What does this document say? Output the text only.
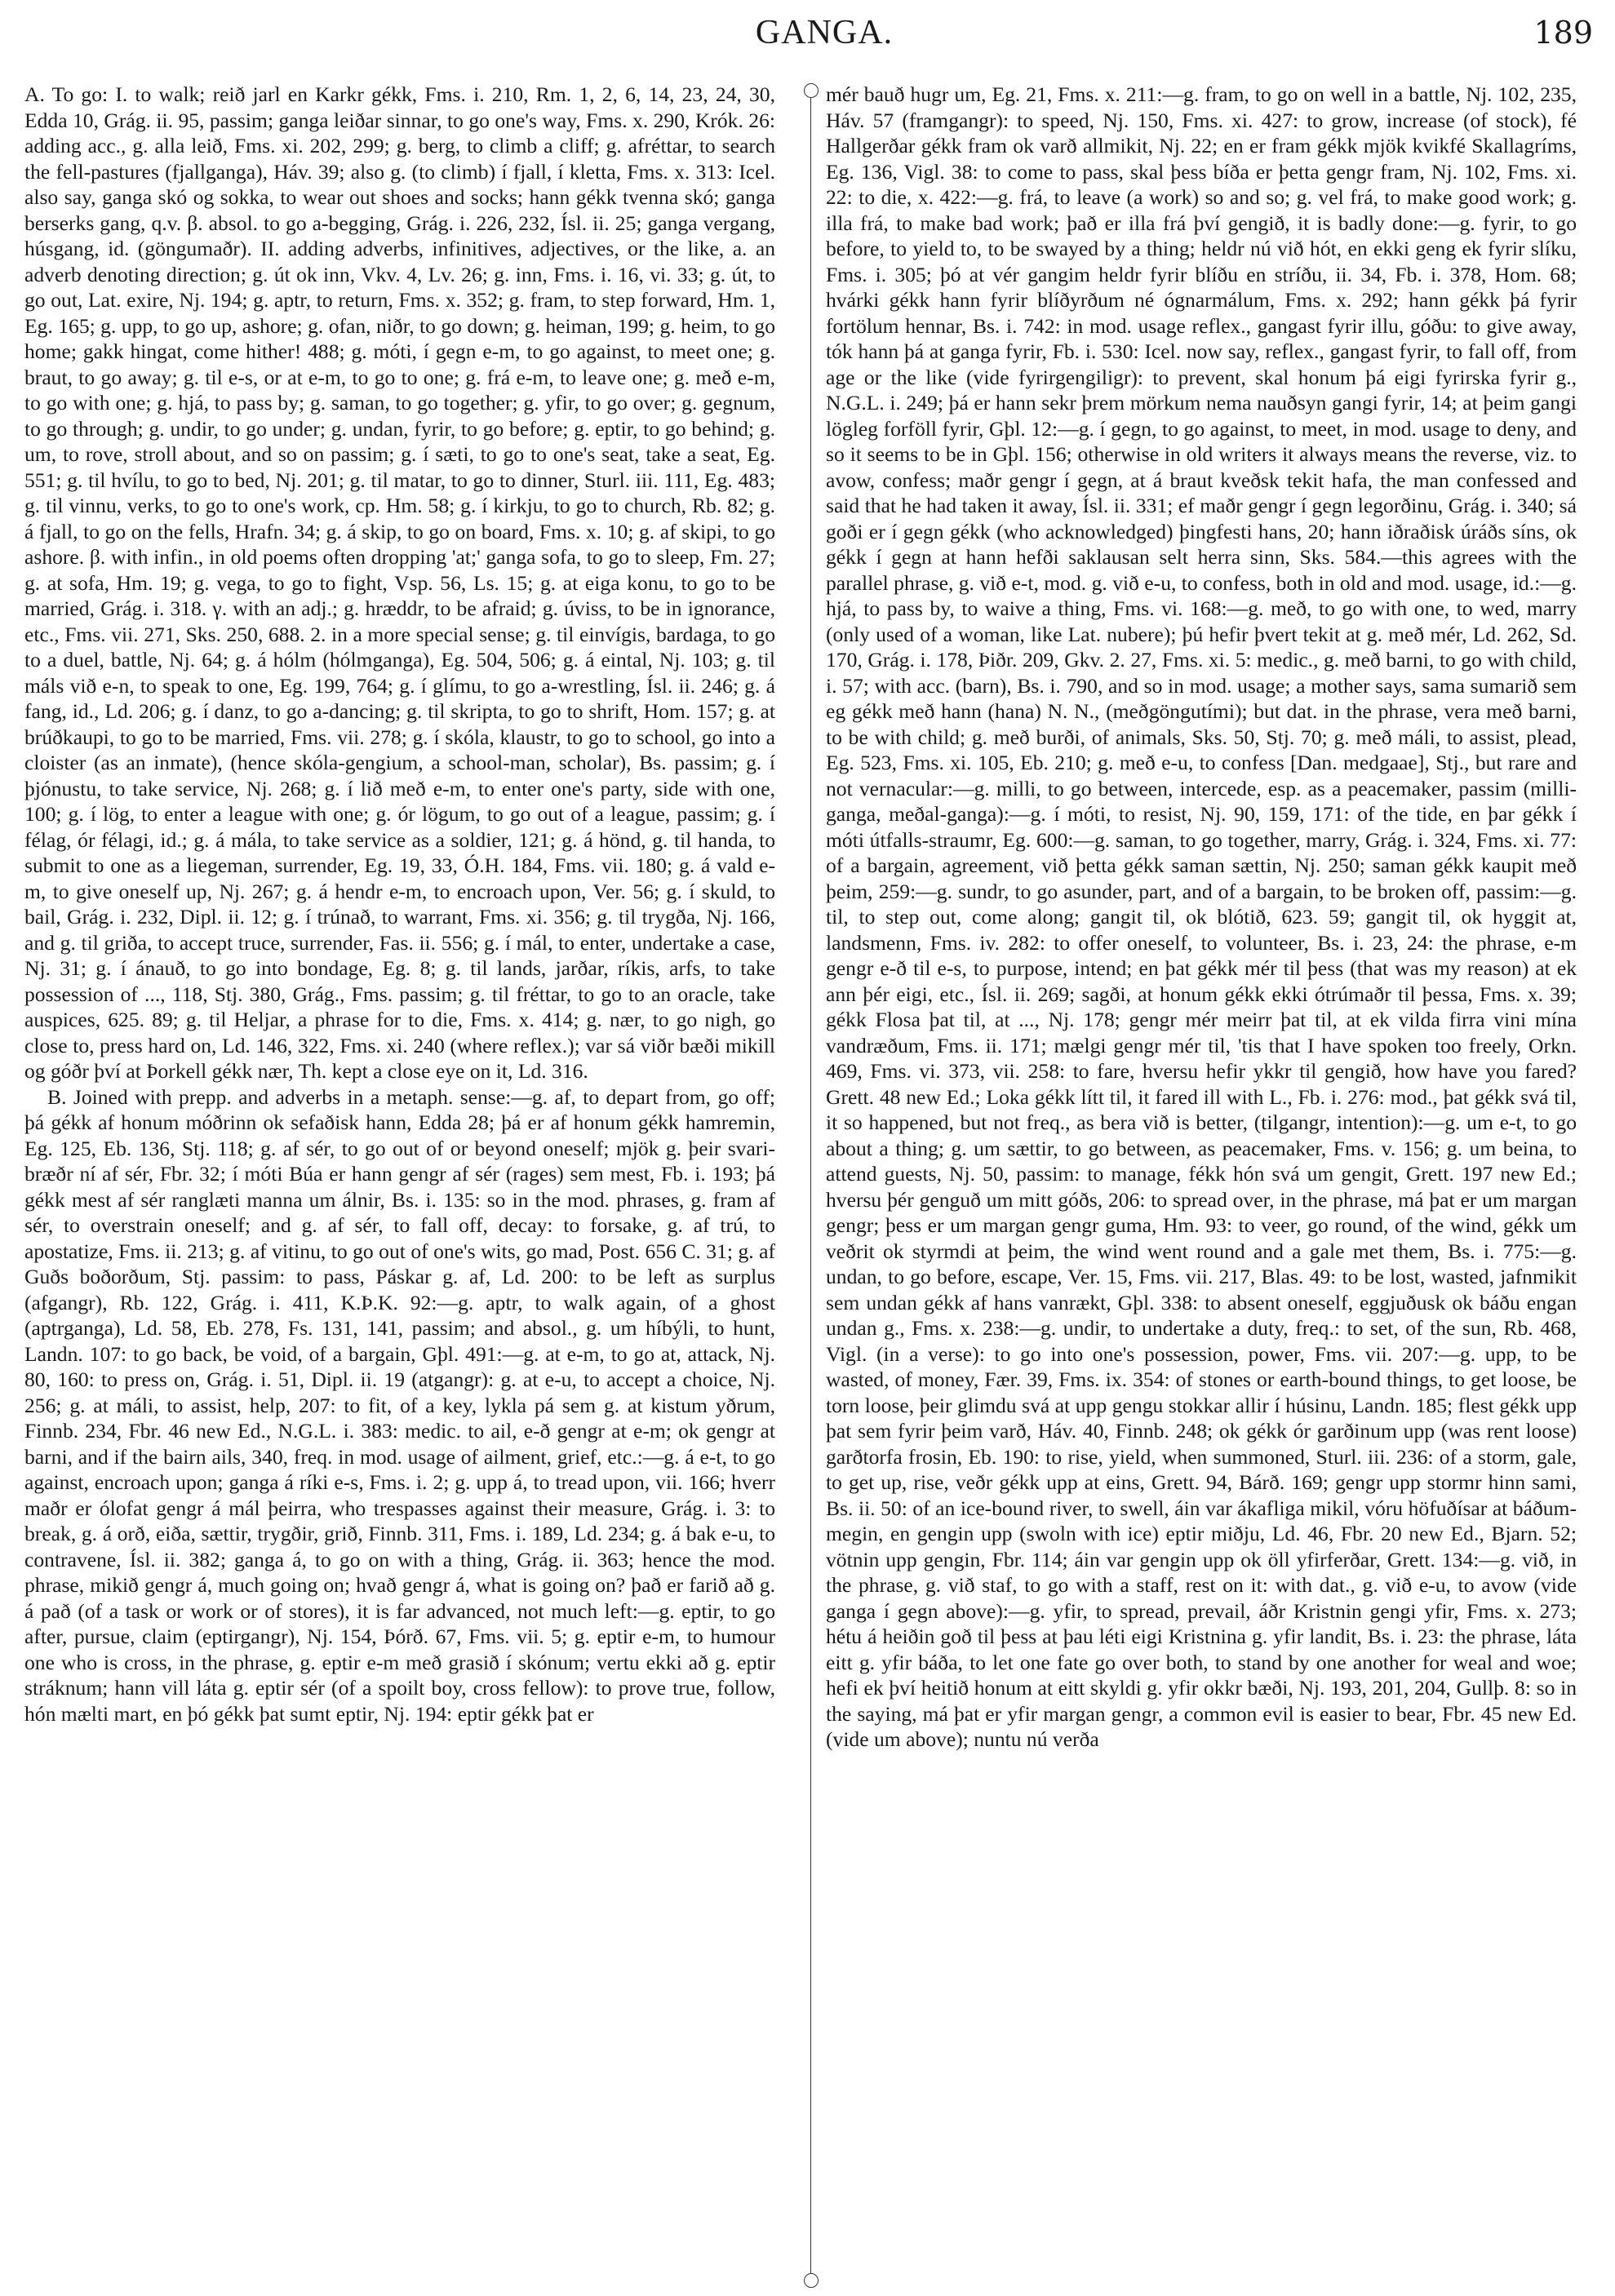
GANGA.	189

A. To go: I. to walk; reið jarl en Karkr gékk, Fms. i. 210, Rm. 1, 2, 6, 14, 23, 24, 30, Edda 10, Grág. ii. 95, passim; ganga leiðar sinnar, to go one's way, Fms. x. 290, Krók. 26: adding acc., g. alla leið, Fms. xi. 202, 299; g. berg, to climb a cliff; g. afréttar, to search the fell-pastures (fjallganga), Háv. 39; also g. (to climb) í fjall, í kletta, Fms. x. 313: Icel. also say, ganga skó og sokka, to wear out shoes and socks; hann gékk tvenna skó; ganga berserks gang, q.v. β. absol. to go a-begging, Grág. i. 226, 232, Ísl. ii. 25; ganga vergang, húsgang, id. (göngumaðr). II. adding adverbs, infinitives, adjectives, or the like, a. an adverb denoting direction; g. út ok inn, Vkv. 4, Lv. 26; g. inn, Fms. i. 16, vi. 33; g. út, to go out, Lat. exire, Nj. 194; g. aptr, to return, Fms. x. 352; g. fram, to step forward, Hm. 1, Eg. 165; g. upp, to go up, ashore; g. ofan, niðr, to go down; g. heiman, 199; g. heim, to go home; gakk hingat, come hither! 488; g. móti, í gegn e-m, to go against, to meet one; g. braut, to go away; g. til e-s, or at e-m, to go to one; g. frá e-m, to leave one; g. með e-m, to go with one; g. hjá, to pass by; g. saman, to go together; g. yfir, to go over; g. gegnum, to go through; g. undir, to go under; g. undan, fyrir, to go before; g. eptir, to go behind; g. um, to rove, stroll about, and so on passim; g. í sæti, to go to one's seat, take a seat, Eg. 551; g. til hvílu, to go to bed, Nj. 201; g. til matar, to go to dinner, Sturl. iii. 111, Eg. 483; g. til vinnu, verks, to go to one's work, cp. Hm. 58; g. í kirkju, to go to church, Rb. 82; g. á fjall, to go on the fells, Hrafn. 34; g. á skip, to go on board, Fms. x. 10; g. af skipi, to go ashore. β. with infin., in old poems often dropping 'at;' ganga sofa, to go to sleep, Fm. 27; g. at sofa, Hm. 19; g. vega, to go to fight, Vsp. 56, Ls. 15; g. at eiga konu, to go to be married, Grág. i. 318. γ. with an adj.; g. hræddr, to be afraid; g. úviss, to be in ignorance, etc., Fms. vii. 271, Sks. 250, 688. 2. in a more special sense; g. til einvígis, bardaga, to go to a duel, battle, Nj. 64; g. á hólm (hólmganga), Eg. 504, 506; g. á eintal, Nj. 103; g. til máls við e-n, to speak to one, Eg. 199, 764; g. í glímu, to go a-wrestling, Ísl. ii. 246; g. á fang, id., Ld. 206; g. í danz, to go a-dancing; g. til skripta, to go to shrift, Hom. 157; g. at brúðkaupi, to go to be married, Fms. vii. 278; g. í skóla, klaustr, to go to school, go into a cloister (as an inmate), (hence skóla-gengium, a school-man, scholar), Bs. passim; g. í þjónustu, to take service, Nj. 268; g. í lið með e-m, to enter one's party, side with one, 100; g. í lög, to enter a league with one; g. ór lögum, to go out of a league, passim; g. í félag, ór félagi, id.; g. á mála, to take service as a soldier, 121; g. á hönd, g. til handa, to submit to one as a liegeman, surrender, Eg. 19, 33, Ó.H. 184, Fms. vii. 180; g. á vald e-m, to give oneself up, Nj. 267; g. á hendr e-m, to encroach upon, Ver. 56; g. í skuld, to bail, Grág. i. 232, Dipl. ii. 12; g. í trúnað, to warrant, Fms. xi. 356; g. til trygða, Nj. 166, and g. til griða, to accept truce, surrender, Fas. ii. 556; g. í mál, to enter, undertake a case, Nj. 31; g. í ánauð, to go into bondage, Eg. 8; g. til lands, jarðar, ríkis, arfs, to take possession of ..., 118, Stj. 380, Grág., Fms. passim; g. til fréttar, to go to an oracle, take auspices, 625. 89; g. til Heljar, a phrase for to die, Fms. x. 414; g. nær, to go nigh, go close to, press hard on, Ld. 146, 322, Fms. xi. 240 (where reflex.); var sá viðr bæði mikill og góðr því at Þorkell gékk nær, Th. kept a close eye on it, Ld. 316.

B. Joined with prepp. and adverbs in a metaph. sense:—g. af, to depart from, go off; þá gékk af honum móðrinn ok sefaðisk hann, Edda 28; þá er af honum gékk hamremin, Eg. 125, Eb. 136, Stj. 118; g. af sér, to go out of or beyond oneself; mjök g. þeir svari-bræðr ní af sér, Fbr. 32; í móti Búa er hann gengr af sér (rages) sem mest, Fb. i. 193; þá gékk mest af sér ranglæti manna um álnir, Bs. i. 135: so in the mod. phrases, g. fram af sér, to overstrain oneself; and g. af sér, to fall off, decay: to forsake, g. af trú, to apostatize, Fms. ii. 213; g. af vitinu, to go out of one's wits, go mad, Post. 656 C. 31; g. af Guðs boðorðum, Stj. passim: to pass, Páskar g. af, Ld. 200: to be left as surplus (afgangr), Rb. 122, Grág. i. 411, K.Þ.K. 92:—g. aptr, to walk again, of a ghost (aptrganga), Ld. 58, Eb. 278, Fs. 131, 141, passim; and absol., g. um híbýli, to hunt, Landn. 107: to go back, be void, of a bargain, Gþl. 491:—g. at e-m, to go at, attack, Nj. 80, 160: to press on, Grág. i. 51, Dipl. ii. 19 (atgangr): g. at e-u, to accept a choice, Nj. 256; g. at máli, to assist, help, 207: to fit, of a key, lykla pá sem g. at kistum yðrum, Finnb. 234, Fbr. 46 new Ed., N.G.L. i. 383: medic. to ail, e-ð gengr at e-m; ok gengr at barni, and if the bairn ails, 340, freq. in mod. usage of ailment, grief, etc.:—g. á e-t, to go against, encroach upon; ganga á ríki e-s, Fms. i. 2; g. upp á, to tread upon, vii. 166; hverr maðr er ólofat gengr á mál þeirra, who trespasses against their measure, Grág. i. 3: to break, g. á orð, eiða, sættir, trygðir, grið, Finnb. 311, Fms. i. 189, Ld. 234; g. á bak e-u, to contravene, Ísl. ii. 382; ganga á, to go on with a thing, Grág. ii. 363; hence the mod. phrase, mikið gengr á, much going on; hvað gengr á, what is going on? það er farið að g. á pað (of a task or work or of stores), it is far advanced, not much left:—g. eptir, to go after, pursue, claim (eptirgangr), Nj. 154, Þórð. 67, Fms. vii. 5; g. eptir e-m, to humour one who is cross, in the phrase, g. eptir e-m með grasið í skónum; vertu ekki að g. eptir stráknum; hann vill láta g. eptir sér (of a spoilt boy, cross fellow): to prove true, follow, hón mælti mart, en þó gékk þat sumt eptir, Nj. 194: eptir gékk þat er

mér bauð hugr um, Eg. 21, Fms. x. 211:—g. fram, to go on well in a battle, Nj. 102, 235, Háv. 57 (framgangr): to speed, Nj. 150, Fms. xi. 427: to grow, increase (of stock), fé Hallgerðar gékk fram ok varð allmikit, Nj. 22; en er fram gékk mjök kvikfé Skallagríms, Eg. 136, Vigl. 38: to come to pass, skal þess bíða er þetta gengr fram, Nj. 102, Fms. xi. 22: to die, x. 422:—g. frá, to leave (a work) so and so; g. vel frá, to make good work; g. illa frá, to make bad work; það er illa frá því gengið, it is badly done:—g. fyrir, to go before, to yield to, to be swayed by a thing; heldr nú við hót, en ekki geng ek fyrir slíku, Fms. i. 305; þó at vér gangim heldr fyrir blíðu en stríðu, ii. 34, Fb. i. 378, Hom. 68; hvárki gékk hann fyrir blíðyrðum né ógnarmálum, Fms. x. 292; hann gékk þá fyrir fortölum hennar, Bs. i. 742: in mod. usage reflex., gangast fyrir illu, góðu: to give away, tók hann þá at ganga fyrir, Fb. i. 530: Icel. now say, reflex., gangast fyrir, to fall off, from age or the like (vide fyrirgengiligr): to prevent, skal honum þá eigi fyrirska fyrir g., N.G.L. i. 249; þá er hann sekr þrem mörkum nema nauðsyn gangi fyrir, 14; at þeim gangi lögleg forföll fyrir, Gþl. 12:—g. í gegn, to go against, to meet, in mod. usage to deny, and so it seems to be in Gþl. 156; otherwise in old writers it always means the reverse, viz. to avow, confess; maðr gengr í gegn, at á braut kveðsk tekit hafa, the man confessed and said that he had taken it away, Ísl. ii. 331; ef maðr gengr í gegn legorðinu, Grág. i. 340; sá goði er í gegn gékk (who acknowledged) þingfesti hans, 20; hann iðraðisk úráðs síns, ok gékk í gegn at hann hefði saklausan selt herra sinn, Sks. 584.—this agrees with the parallel phrase, g. við e-t, mod. g. við e-u, to confess, both in old and mod. usage, id.:—g. hjá, to pass by, to waive a thing, Fms. vi. 168:—g. með, to go with one, to wed, marry (only used of a woman, like Lat. nubere); þú hefir þvert tekit at g. með mér, Ld. 262, Sd. 170, Grág. i. 178, Þiðr. 209, Gkv. 2. 27, Fms. xi. 5: medic., g. með barni, to go with child, i. 57; with acc. (barn), Bs. i. 790, and so in mod. usage; a mother says, sama sumarið sem eg gékk með hann (hana) N. N., (meðgöngutími); but dat. in the phrase, vera með barni, to be with child; g. með burði, of animals, Sks. 50, Stj. 70; g. með máli, to assist, plead, Eg. 523, Fms. xi. 105, Eb. 210; g. með e-u, to confess [Dan. medgaae], Stj., but rare and not vernacular:—g. milli, to go between, intercede, esp. as a peacemaker, passim (milli-ganga, meðal-ganga):—g. í móti, to resist, Nj. 90, 159, 171: of the tide, en þar gékk í móti útfalls-straumr, Eg. 600:—g. saman, to go together, marry, Grág. i. 324, Fms. xi. 77: of a bargain, agreement, við þetta gékk saman sættin, Nj. 250; saman gékk kaupit með þeim, 259:—g. sundr, to go asunder, part, and of a bargain, to be broken off, passim:—g. til, to step out, come along; gangit til, ok blótið, 623. 59; gangit til, ok hyggit at, landsmenn, Fms. iv. 282: to offer oneself, to volunteer, Bs. i. 23, 24: the phrase, e-m gengr e-ð til e-s, to purpose, intend; en þat gékk mér til þess (that was my reason) at ek ann þér eigi, etc., Ísl. ii. 269; sagði, at honum gékk ekki ótrúmaðr til þessa, Fms. x. 39; gékk Flosa þat til, at ..., Nj. 178; gengr mér meirr þat til, at ek vilda firra vini mína vandræðum, Fms. ii. 171; mælgi gengr mér til, 'tis that I have spoken too freely, Orkn. 469, Fms. vi. 373, vii. 258: to fare, hversu hefir ykkr til gengið, how have you fared? Grett. 48 new Ed.; Loka gékk lítt til, it fared ill with L., Fb. i. 276: mod., þat gékk svá til, it so happened, but not freq., as bera við is better, (tilgangr, intention):—g. um e-t, to go about a thing; g. um sættir, to go between, as peacemaker, Fms. v. 156; g. um beina, to attend guests, Nj. 50, passim: to manage, fékk hón svá um gengit, Grett. 197 new Ed.; hversu þér genguð um mitt góðs, 206: to spread over, in the phrase, má þat er um margan gengr; þess er um margan gengr guma, Hm. 93: to veer, go round, of the wind, gékk um veðrit ok styrmdi at þeim, the wind went round and a gale met them, Bs. i. 775:—g. undan, to go before, escape, Ver. 15, Fms. vii. 217, Blas. 49: to be lost, wasted, jafnmikit sem undan gékk af hans vanrækt, Gþl. 338: to absent oneself, eggjuðusk ok báðu engan undan g., Fms. x. 238:—g. undir, to undertake a duty, freq.: to set, of the sun, Rb. 468, Vigl. (in a verse): to go into one's possession, power, Fms. vii. 207:—g. upp, to be wasted, of money, Fær. 39, Fms. ix. 354: of stones or earth-bound things, to get loose, be torn loose, þeir glimdu svá at upp gengu stokkar allir í húsinu, Landn. 185; flest gékk upp þat sem fyrir þeim varð, Háv. 40, Finnb. 248; ok gékk ór garðinum upp (was rent loose) garðtorfa frosin, Eb. 190: to rise, yield, when summoned, Sturl. iii. 236: of a storm, gale, to get up, rise, veðr gékk upp at eins, Grett. 94, Bárð. 169; gengr upp stormr hinn sami, Bs. ii. 50: of an ice-bound river, to swell, áin var ákafliga mikil, vóru höfuðísar at báðum-megin, en gengin upp (swoln with ice) eptir miðju, Ld. 46, Fbr. 20 new Ed., Bjarn. 52; vötnin upp gengin, Fbr. 114; áin var gengin upp ok öll yfirferðar, Grett. 134:—g. við, in the phrase, g. við staf, to go with a staff, rest on it: with dat., g. við e-u, to avow (vide ganga í gegn above):—g. yfir, to spread, prevail, áðr Kristnin gengi yfir, Fms. x. 273; hétu á heiðin goð til þess at þau léti eigi Kristnina g. yfir landit, Bs. i. 23: the phrase, láta eitt g. yfir báða, to let one fate go over both, to stand by one another for weal and woe; hefi ek því heitið honum at eitt skyldi g. yfir okkr bæði, Nj. 193, 201, 204, Gullþ. 8: so in the saying, má þat er yfir margan gengr, a common evil is easier to bear, Fbr. 45 new Ed. (vide um above); nuntu nú verða
